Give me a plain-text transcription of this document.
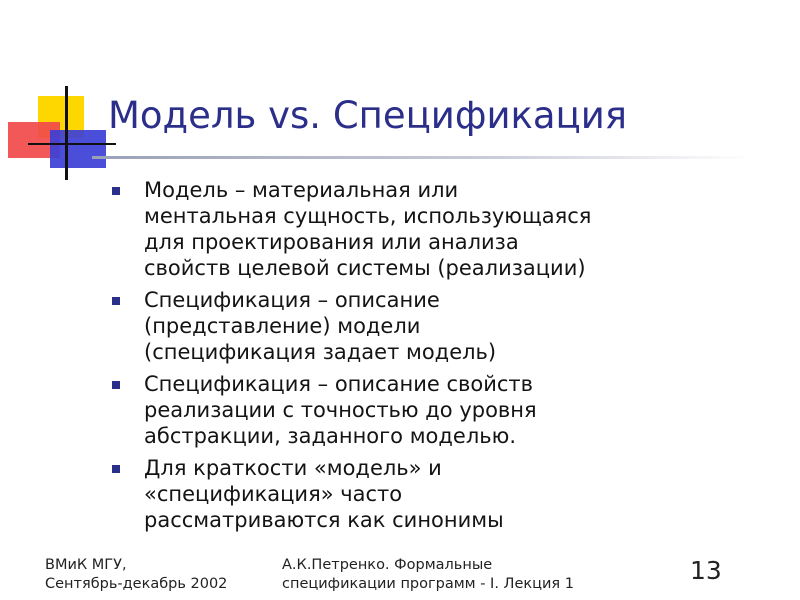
Модель vs. Спецификация
Модель – материальная или
ментальная сущность, использующаяся
для проектирования или анализа
свойств целевой системы (реализации)
Спецификация – описание
(представление) модели
(спецификация задает модель)
Спецификация – описание свойств
реализации с точностью до уровня
абстракции, заданного моделью.
Для краткости «модель» и
«спецификация» часто
рассматриваются как синонимы
ВМиК МГУ,
Сентябрь-декабрь 2002
А.К.Петренко. Формальные
спецификации программ - I. Лекция 1	13
